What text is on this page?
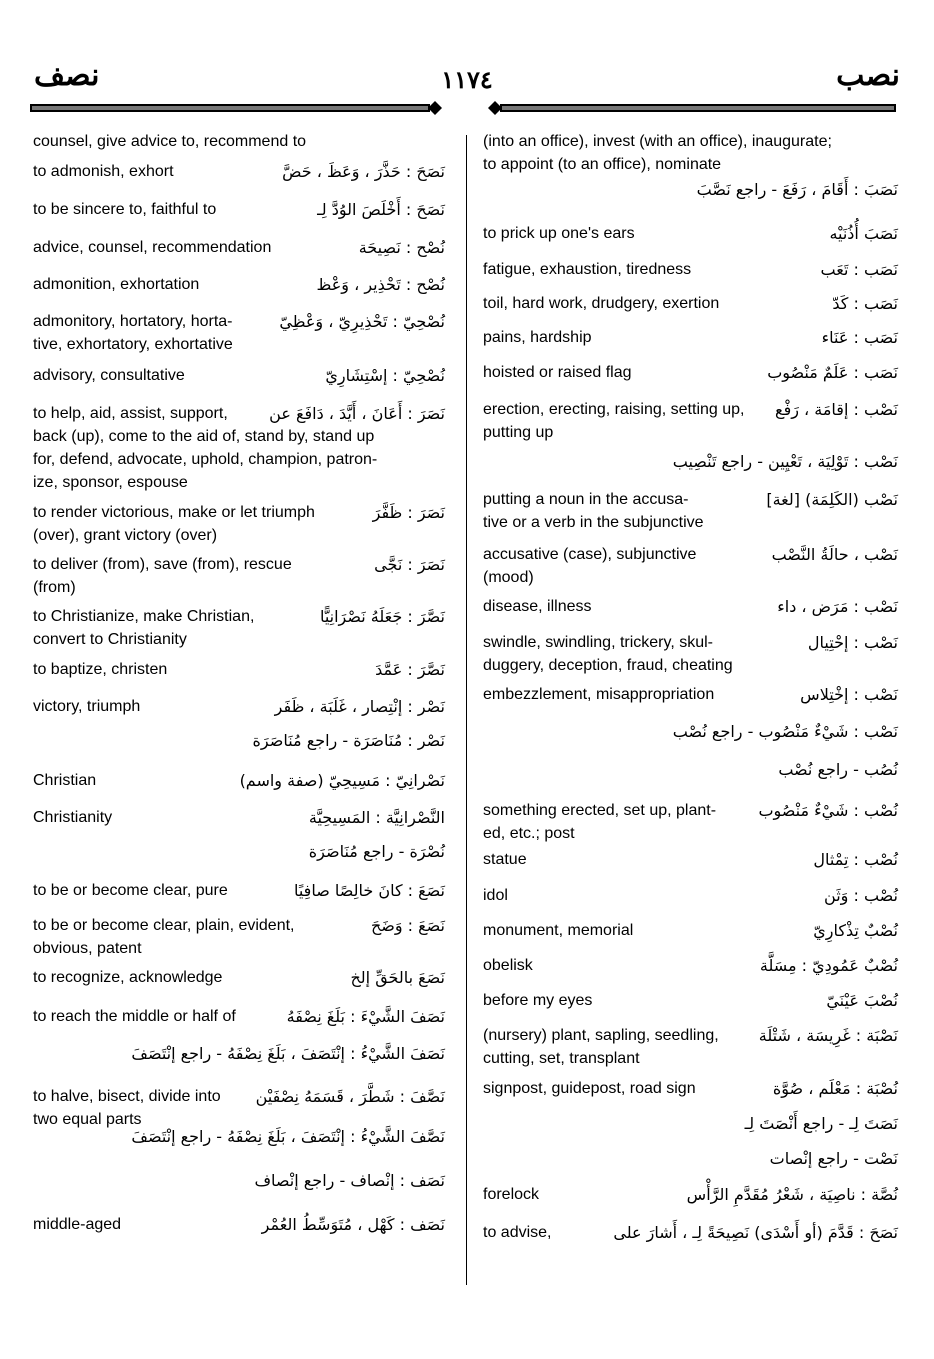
نصف	١١٧٤	نصب
counsel, give advice to, recommend to
to admonish, exhort	نَصَحَ : حَذَّرَ ، وَعَظَ ، حَضَّ
to be sincere to, faithful to	نَصَحَ : أَخْلَصَ الوُدَّ لِـ
advice, counsel, recommendation	نُصْح : نَصِيحَة
admonition, exhortation	نُصْح : تَحْذِير ، وَعْظ
admonitory, hortatory, horta-
tive, exhortatory, exhortative
نُصْحِيّ : تَحْذِيرِيّ ، وَعْظِيّ
advisory, consultative	نُصْحِيّ : إسْتِشَارِيّ
to help, aid, assist, support,
back (up), come to the aid of, stand by, stand up
for, defend, advocate, uphold, champion, patron-
ize, sponsor, espouse
نَصَرَ : أَعَانَ ، أَيَّدَ ، دَافَعَ عن
to render victorious, make or let triumph
(over), grant victory (over)
نَصَرَ : ظَفَّرَ
to deliver (from), save (from), rescue
(from)
نَصَرَ : نَجَّى
to Christianize, make Christian,
convert to Christianity
نَصَّرَ : جَعَلَهُ نَصْرَانِيًّا
to baptize, christen	نَصَّرَ : عَمَّدَ
victory, triumph	نَصْر : إنْتِصار ، غَلَبَة ، ظَفَر
نَصْر : مُنَاصَرَة - راجع مُنَاصَرَة
Christian	نَصْرانِيّ : مَسِيحِيّ (صفة واسم)
Christianity	النَّصْرانِيَّة : المَسِيحِيَّة
نُصْرَة - راجع مُنَاصَرَة
to be or become clear, pure	نَصَعَ : كانَ خالِصًا صافِيًا
to be or become clear, plain, evident,
obvious, patent
نَصَعَ : وَضَحَ
to recognize, acknowledge	نَصَعَ بالحَقِّ إلخ
to reach the middle or half of	نَصَفَ الشَّيْءَ : بَلَغَ نِصْفَهُ
نَصَفَ الشَّيْءُ : إنْتَصَفَ ، بَلَغَ نِصْفَهُ - راجع إنْتَصَفَ
to halve, bisect, divide into
two equal parts
نَصَّفَ : شَطَّرَ ، قَسَمَهُ نِصْفَيْن
نَصَّفَ الشَّيْءُ : إنْتَصَفَ ، بَلَغَ نِصْفَهُ - راجع إنْتَصَفَ
نَصَف : إنْصاف - راجع إنْصاف
middle-aged	نَصَف : كَهْل ، مُتَوَسِّطُ العُمْر
(into an office), invest (with an office), inaugurate;
to appoint (to an office), nominate
نَصَبَ : أَقَامَ ، رَفَعَ - راجع نَصَّبَ
to prick up one's ears	نَصَبَ أُذُنَيْه
fatigue, exhaustion, tiredness	نَصَب : تَعَب
toil, hard work, drudgery, exertion	نَصَب : كَدّ
pains, hardship	نَصَب : عَنَاء
hoisted or raised flag	نَصَب : عَلَمٌ مَنْصُوب
erection, erecting, raising, setting up,
putting up
نَصْب : إقامَة ، رَفْع
نَصْب : تَوْلِيَة ، تَعْيِين - راجع تَنْصِيب
putting a noun in the accusa-
tive or a verb in the subjunctive
نَصْب (الكَلِمَة) [لغة]
accusative (case), subjunctive
(mood)
نَصْب ، حالَةُ النَّصْب
disease, illness	نَصْب : مَرَض ، داء
swindle, swindling, trickery, skul-
duggery, deception, fraud, cheating
نَصْب : إحْتِيال
embezzlement, misappropriation	نَصْب : إخْتِلاس
نَصْب : شَيْءٌ مَنْصُوب - راجع نُصْب
نُصُب - راجع نُصْب
something erected, set up, plant-
ed, etc.; post
نُصْب : شَيْءٌ مَنْصُوب
statue	نُصْب : تِمْثال
idol	نُصْب : وَثَن
monument, memorial	نُصْبٌ تِذْكارِيّ
obelisk	نُصْبٌ عَمُودِيّ : مِسَلَّة
before my eyes	نُصْبَ عَيْنَيّ
(nursery) plant, sapling, seedling,
cutting, set, transplant
نَصْبَة : غَرِيسَة ، شَتْلَة
signpost, guidepost, road sign	نُصْبَة : مَعْلَم ، صُوَّة
نَصَتَ لِـ - راجع أَنْصَتَ لِـ
نَصْت - راجع إنْصات
forelock	نُصَّة : ناصِيَة ، شَعْرُ مُقَدَّمِ الرَّأْس
to advise,	نَصَحَ : قَدَّمَ (أو أَسْدَى) نَصِيحَةً لِـ ، أَشارَ على
